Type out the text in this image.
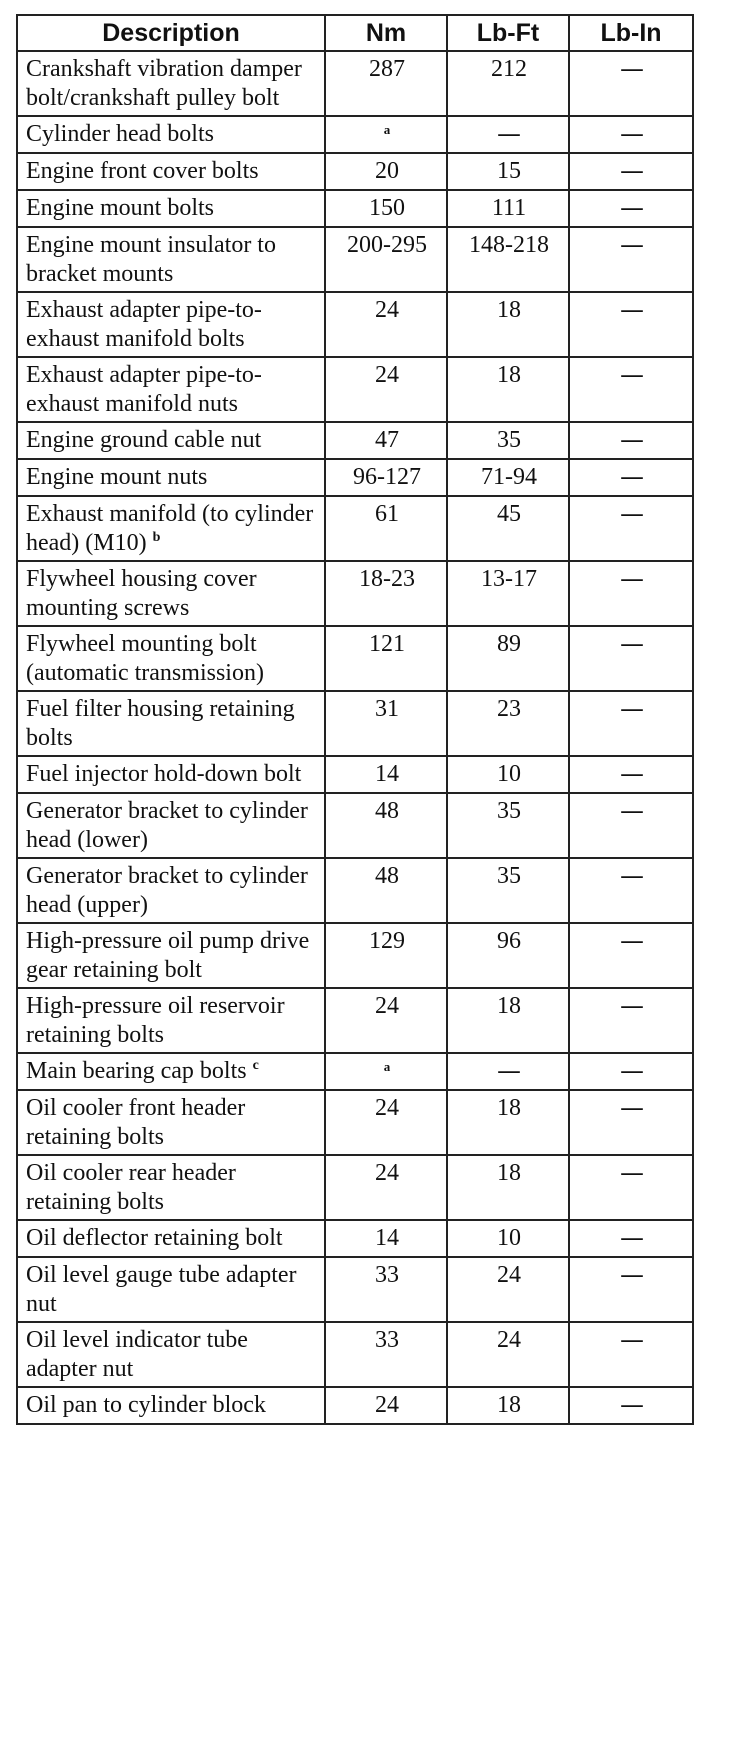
Description	Nm	Lb-Ft	Lb-In
Crankshaft vibration damper bolt/crankshaft pulley bolt	287	212	—
Cylinder head bolts	a	—	—
Engine front cover bolts	20	15	—
Engine mount bolts	150	111	—
Engine mount insulator to bracket mounts	200-295	148-218	—
Exhaust adapter pipe-to-exhaust manifold bolts	24	18	—
Exhaust adapter pipe-to-exhaust manifold nuts	24	18	—
Engine ground cable nut	47	35	—
Engine mount nuts	96-127	71-94	—
Exhaust manifold (to cylinder head) (M10) $^b$	61	45	—
Flywheel housing cover mounting screws	18-23	13-17	—
Flywheel mounting bolt (automatic transmission)	121	89	—
Fuel filter housing retaining bolts	31	23	—
Fuel injector hold-down bolt	14	10	—
Generator bracket to cylinder head (lower)	48	35	—
Generator bracket to cylinder head (upper)	48	35	—
High-pressure oil pump drive gear retaining bolt	129	96	—
High-pressure oil reservoir retaining bolts	24	18	—
Main bearing cap bolts $^c$	a	—	—
Oil cooler front header retaining bolts	24	18	—
Oil cooler rear header retaining bolts	24	18	—
Oil deflector retaining bolt	14	10	—
Oil level gauge tube adapter nut	33	24	—
Oil level indicator tube adapter nut	33	24	—
Oil pan to cylinder block	24	18	—
